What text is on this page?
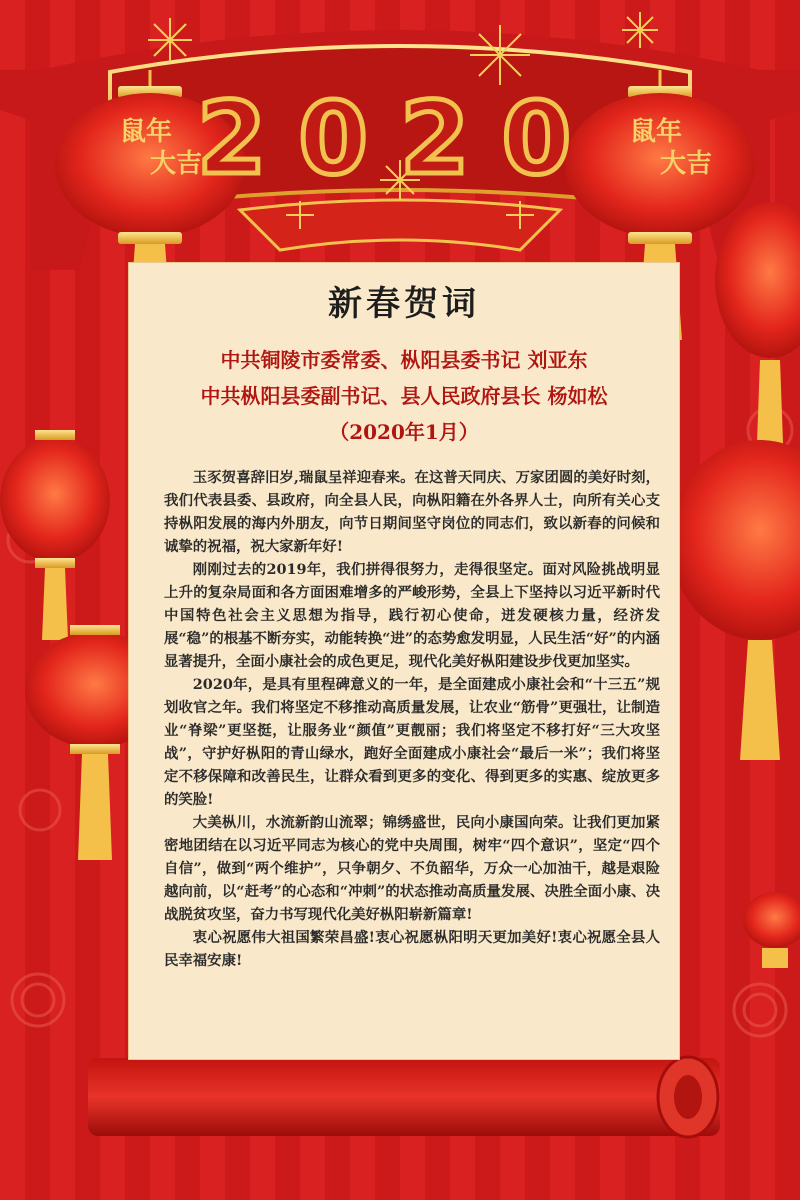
2020
鼠年
大吉
鼠年
大吉
新春贺词
中共铜陵市委常委、枞阳县委书记 刘亚东
中共枞阳县委副书记、县人民政府县长 杨如松
（2020年1月）

玉豕贺喜辞旧岁,瑞鼠呈祥迎春来。在这普天同庆、万家团圆的美好时刻，我们代表县委、县政府，向全县人民，向枞阳籍在外各界人士，向所有关心支持枞阳发展的海内外朋友，向节日期间坚守岗位的同志们，致以新春的问候和诚挚的祝福，祝大家新年好!

刚刚过去的2019年，我们拼得很努力，走得很坚定。面对风险挑战明显上升的复杂局面和各方面困难增多的严峻形势，全县上下坚持以习近平新时代中国特色社会主义思想为指导，践行初心使命，迸发硬核力量，经济发展“稳”的根基不断夯实，动能转换“进”的态势愈发明显，人民生活“好”的内涵显著提升，全面小康社会的成色更足，现代化美好枞阳建设步伐更加坚实。

2020年，是具有里程碑意义的一年，是全面建成小康社会和“十三五”规划收官之年。我们将坚定不移推动高质量发展，让农业“筋骨”更强壮，让制造业“脊梁”更坚挺，让服务业“颜值”更靓丽；我们将坚定不移打好“三大攻坚战”，守护好枞阳的青山绿水，跑好全面建成小康社会“最后一米”；我们将坚定不移保障和改善民生，让群众看到更多的变化、得到更多的实惠、绽放更多的笑脸!

大美枞川，水流新韵山流翠；锦绣盛世，民向小康国向荣。让我们更加紧密地团结在以习近平同志为核心的党中央周围，树牢“四个意识”，坚定“四个自信”，做到“两个维护”，只争朝夕、不负韶华，万众一心加油干，越是艰险越向前，以“赶考”的心态和“冲刺”的状态推动高质量发展、决胜全面小康、决战脱贫攻坚，奋力书写现代化美好枞阳崭新篇章!

衷心祝愿伟大祖国繁荣昌盛!衷心祝愿枞阳明天更加美好!衷心祝愿全县人民幸福安康!
